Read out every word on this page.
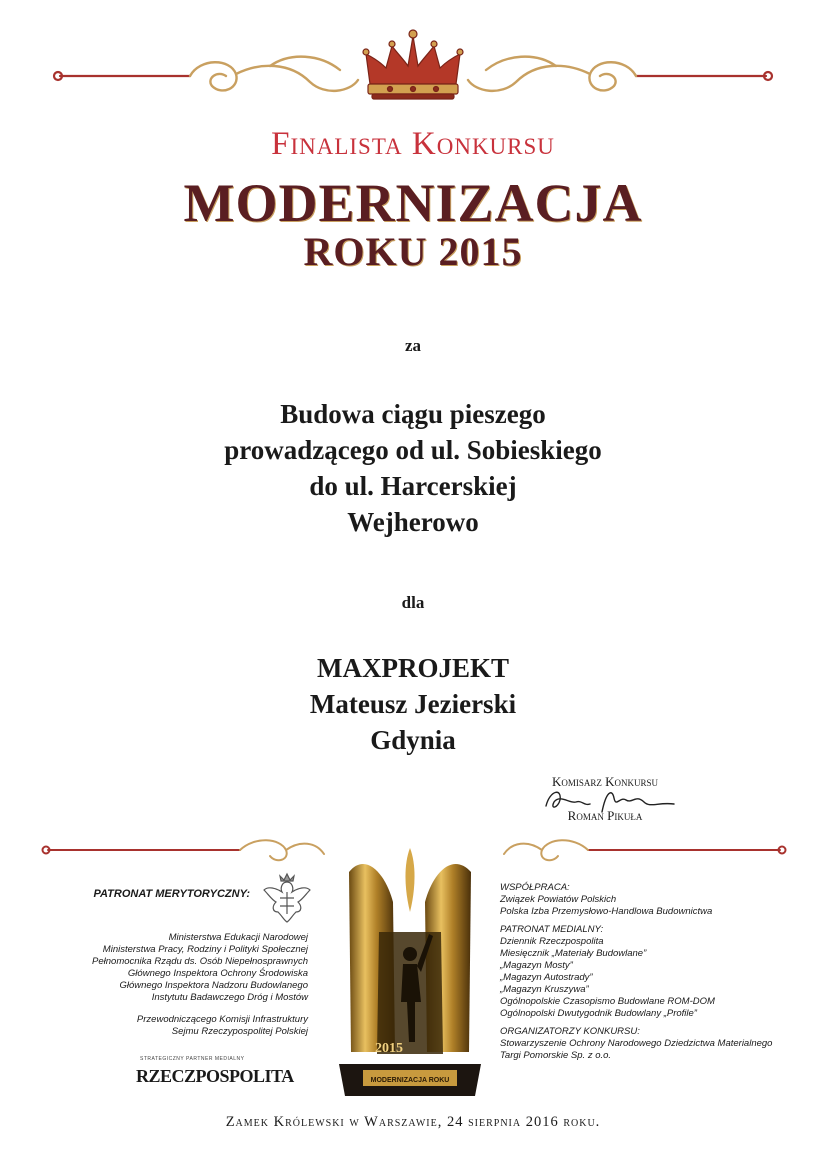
Finalista Konkursu
MODERNIZACJA
ROKU 2015
za
Budowa ciągu pieszego
prowadzącego od ul. Sobieskiego
do ul. Harcerskiej
Wejherowo
dla
MAXPROJEKT
Mateusz Jezierski
Gdynia
Komisarz Konkursu
Roman Pikuła
PATRONAT MERYTORYCZNY:
Ministerstwa Edukacji Narodowej
Ministerstwa Pracy, Rodziny i Polityki Społecznej
Pełnomocnika Rządu ds. Osób Niepełnosprawnych
Głównego Inspektora Ochrony Środowiska
Głównego Inspektora Nadzoru Budowlanego
Instytutu Badawczego Dróg i Mostów
Przewodniczącego Komisji Infrastruktury
Sejmu Rzeczypospolitej Polskiej
STRATEGICZNY PARTNER MEDIALNY
RZECZPOSPOLITA
2015
MODERNIZACJA ROKU
WSPÓŁPRACA:
Związek Powiatów Polskich
Polska Izba Przemysłowo-Handlowa Budownictwa
PATRONAT MEDIALNY:
Dziennik Rzeczpospolita
Miesięcznik „Materiały Budowlane”
„Magazyn Mosty”
„Magazyn Autostrady”
„Magazyn Kruszywa”
Ogólnopolskie Czasopismo Budowlane ROM-DOM
Ogólnopolski Dwutygodnik Budowlany „Profile”
ORGANIZATORZY KONKURSU:
Stowarzyszenie Ochrony Narodowego Dziedzictwa Materialnego
Targi Pomorskie Sp. z o.o.
Zamek Królewski w Warszawie, 24 sierpnia 2016 roku.
